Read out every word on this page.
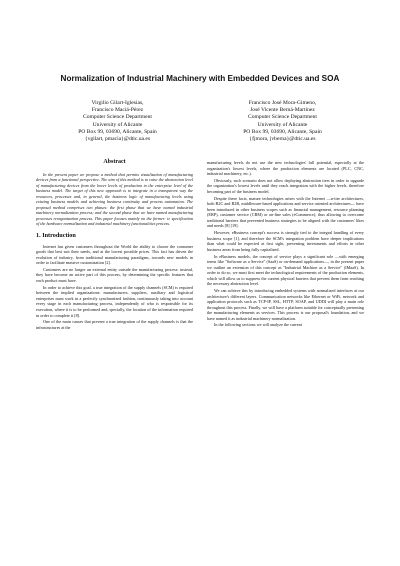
Normalization of Industrial Machinery with Embedded Devices and SOA
Virgilio Gilart-Iglesias,
Francisco Maciá-Pérez
Computer Science Department
University of Alicante
PO Box 99, 03690, Alicante, Spain
{vgilart, pmacia}@dtic.ua.es
Francisco José Mora-Gimeno,
José Vicente Berná-Martínez
Computer Science Department
University of Alicante
PO Box 99, 03690, Alicante, Spain
{fjmora, jvberna}@dtic.ua.es
Abstract

In the present paper we propose a method that permits visualization of manufacturing devices from a functional perspective. The aim of this method is to raise the abstraction level of manufacturing devices from the lower levels of production to the enterprise level of the business model. The target of this new approach is to integrate in a transparent way the resources, processes and, in general, the business logic of manufacturing levels using existing business models and achieving business continuity and process automation. The proposal method comprises two phases: the first phase that we have named industrial machinery normalization process; and the second phase that we have named manufacturing processes reorganization process. This paper focuses mainly on the former: ie specification of the hardware normalization and industrial machinery functionalities process.

1. Introduction

Internet has given customers throughout the World the ability to choose the consumer goods that best suit their needs, and at the lowest possible prices. This fact has driven the evolution of industry, from traditional manufacturing paradigms, towards new models in order to facilitate massive customization [2].

Customers are no longer an external entity outside the manufacturing process: instead, they have become an active part of this process, by determining the specific features that each product must have.

In order to achieve this goal, a true integration of the supply channels (SCM) is required between the implied organizations: manufacturers, suppliers, auxiliary and logistical enterprises must work in a perfectly synchronized fashion, continuously taking into account every stage in each manufacturing process, independently of who is responsible for its execution, where it is to be performed and, specially, the location of the information required in order to complete it [8].

One of the main causes that prevent a true integration of the supply channels is that the infrastructures at the

manufacturing levels do not use the new technologies' full potential, especially at the organization's lowest levels, where the production elements are located (PLC, CNC, industrial machinery, etc.).

Obviously, such scenario does not allow deploying abstraction tiers in order to upgrade the organization's lowest levels until they reach integration with the higher levels, therefore becoming part of the business model.

Despite these facts, mature technologies arises with the Internet —n-tier architectures, both B2C and B2B, middleware-based applications and service oriented architectures— have been introduced in other business scopes such as financial management, resource planning (ERP), customer service (CRM) or on-line sales (eCommerce), thus allowing to overcome traditional barriers that prevented business strategies to be aligned with the customers' likes and needs [8] [19].

However, eBusiness concept's success is strongly tied to the integral handling of every business scope [1], and therefore the SCM's integration problem have deeper implications than what could be expected at first sight, preventing investments and efforts in other business areas from being fully capitalized.

In eBusiness models, the concept of service plays a significant role —with emerging terms like "Software as a Service" (SaaS) or on-demand applications—, in the present paper we outline an extension of this concept as "Industrial Machine as a Service" (IMaaS). In order to do so, we must first meet the technological requirements of the production elements, which will allow us to suppress the current physical barriers that prevent them from reaching the necessary abstraction level.

We can achieve this by introducing embedded systems with normalized interfaces at our architecture's different layers. Communication networks like Ethernet or WiFi, network and application protocols such as TCP-IP, SSL, HTTP, SOAP, and UDDI will play a main role throughout this process. Finally, we will have a platform suitable for conceptually presenting the manufacturing elements as services. This process is our proposal's foundation, and we have named it as industrial machinery normalization.

In the following sections we will analyze the current
